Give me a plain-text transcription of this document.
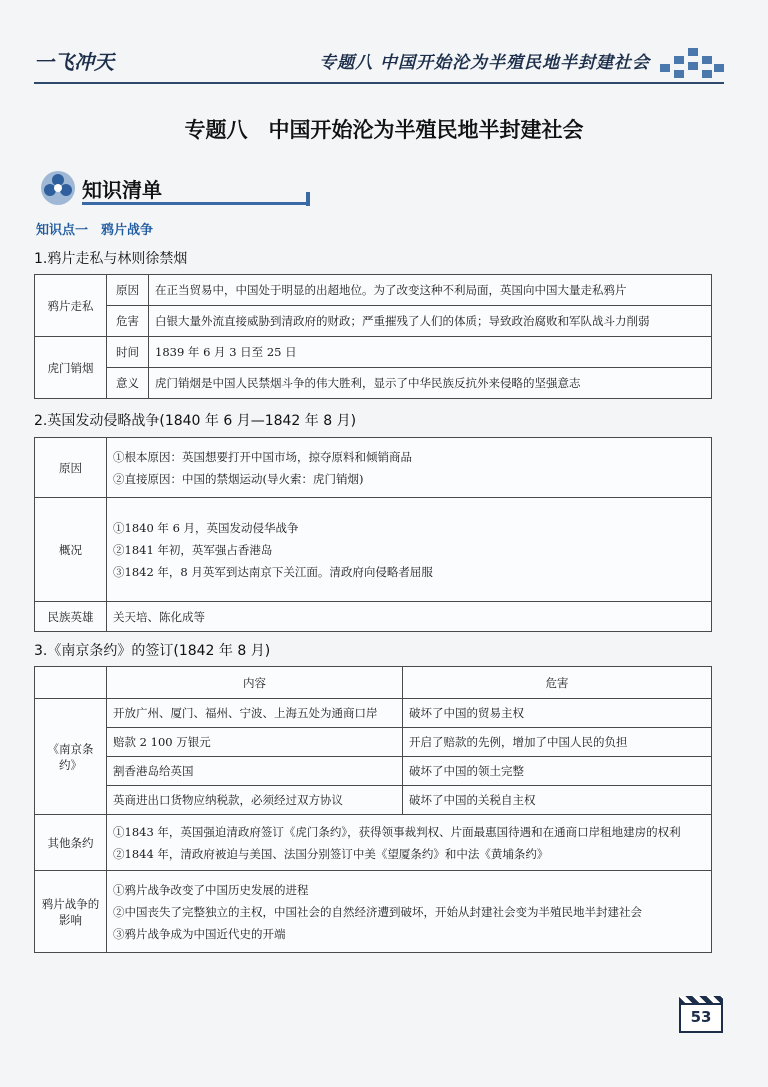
一飞冲天	专题八 中国开始沦为半殖民地半封建社会
专题八　中国开始沦为半殖民地半封建社会
知识清单
知识点一　鸦片战争
1.鸦片走私与林则徐禁烟
鸦片走私	原因	在正当贸易中，中国处于明显的出超地位。为了改变这种不利局面，英国向中国大量走私鸦片
	危害	白银大量外流直接威胁到清政府的财政；严重摧残了人们的体质；导致政治腐败和军队战斗力削弱
虎门销烟	时间	1839 年 6 月 3 日至 25 日
	意义	虎门销烟是中国人民禁烟斗争的伟大胜利，显示了中华民族反抗外来侵略的坚强意志
2.英国发动侵略战争(1840 年 6 月—1842 年 8 月)
原因	①根本原因：英国想要打开中国市场，掠夺原料和倾销商品
②直接原因：中国的禁烟运动(导火索：虎门销烟)

概况	①1840 年 6 月，英国发动侵华战争
②1841 年初，英军强占香港岛
③1842 年，8 月英军到达南京下关江面。清政府向侵略者屈服

民族英雄	关天培、陈化成等
3.《南京条约》的签订(1842 年 8 月)
	内容	危害
《南京条约》	开放广州、厦门、福州、宁波、上海五处为通商口岸	破坏了中国的贸易主权
	赔款 2 100 万银元	开启了赔款的先例，增加了中国人民的负担
	割香港岛给英国	破坏了中国的领土完整
	英商进出口货物应纳税款，必须经过双方协议	破坏了中国的关税自主权
其他条约	①1843 年，英国强迫清政府签订《虎门条约》，获得领事裁判权、片面最惠国待遇和在通商口岸租地建房的权利
②1844 年，清政府被迫与美国、法国分别签订中美《望厦条约》和中法《黄埔条约》	

鸦片战争的影响	①鸦片战争改变了中国历史发展的进程
②中国丧失了完整独立的主权，中国社会的自然经济遭到破坏，开始从封建社会变为半殖民地半封建社会
③鸦片战争成为中国近代史的开端	
53
